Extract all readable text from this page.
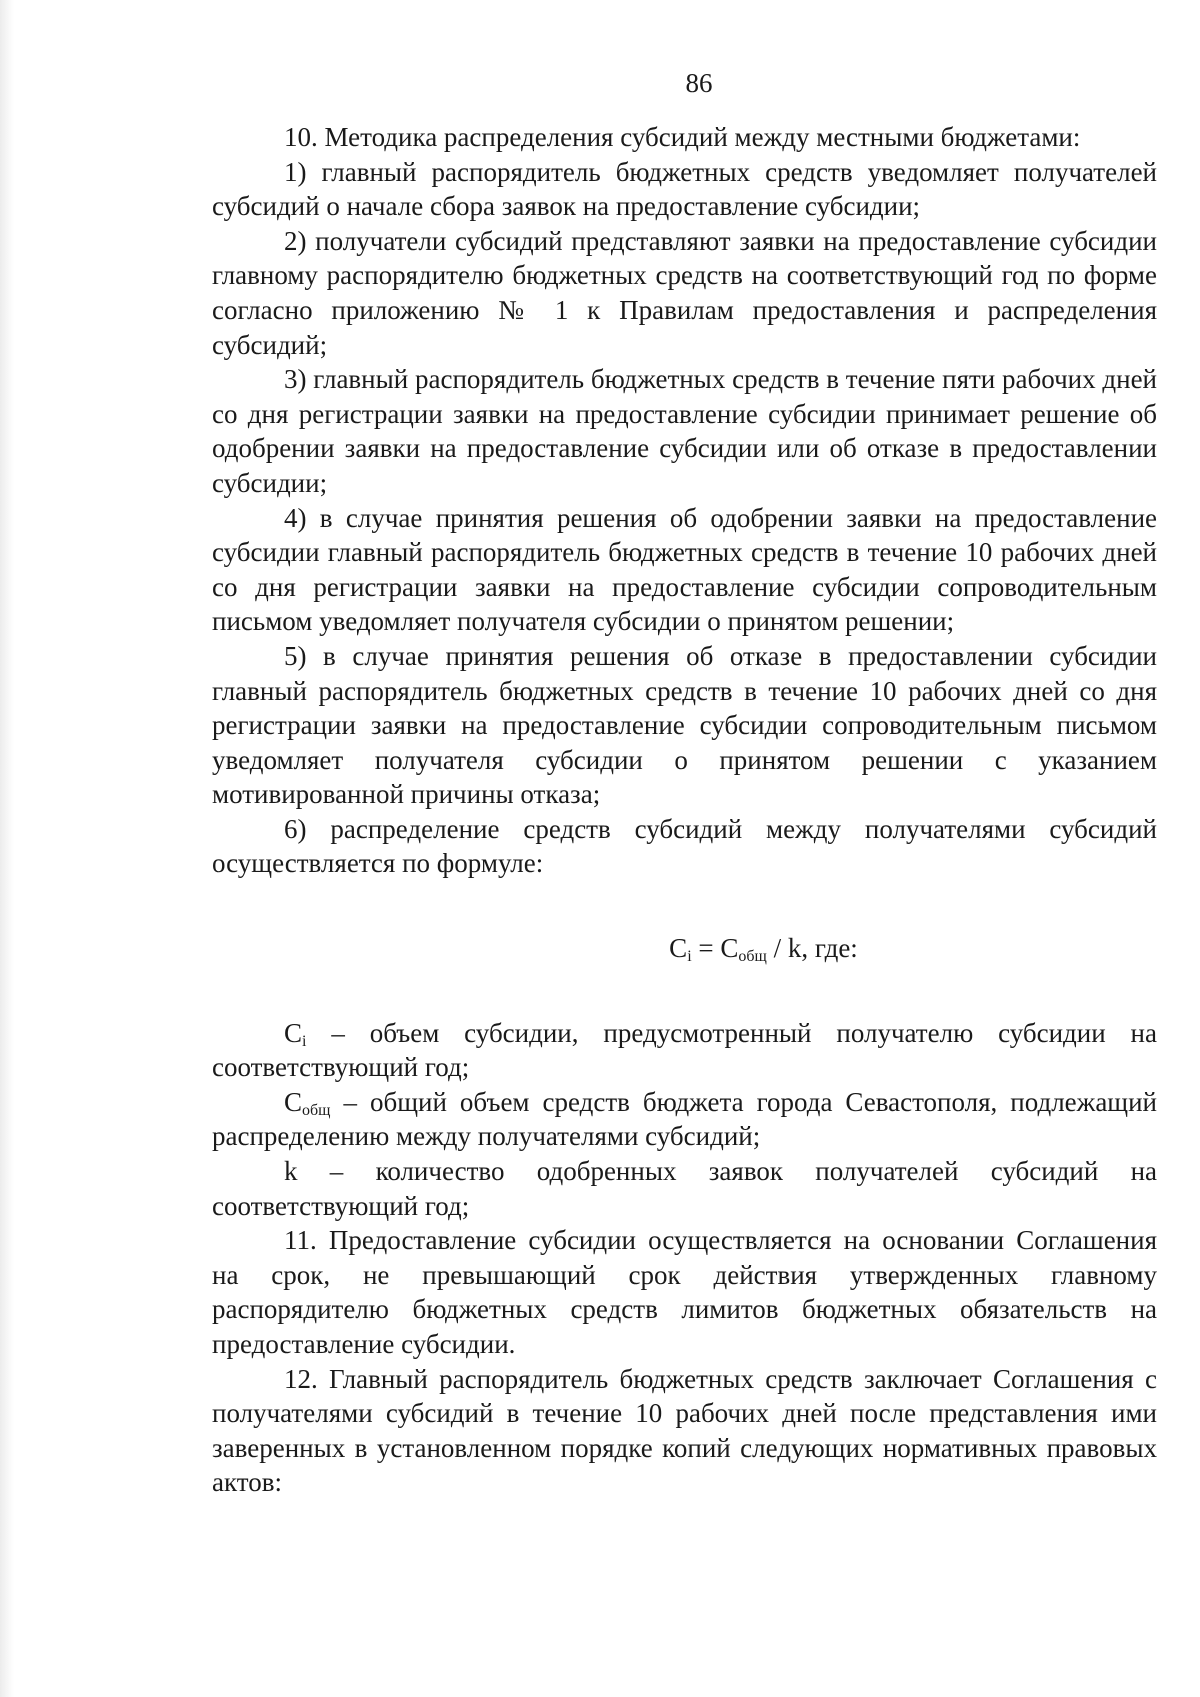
86

10. Методика распределения субсидий между местными бюджетами:

1) главный распорядитель бюджетных средств уведомляет получателей субсидий о начале сбора заявок на предоставление субсидии;

2) получатели субсидий представляют заявки на предоставление субсидии главному распорядителю бюджетных средств на соответствующий год по форме согласно приложению № 1 к Правилам предоставления и распределения субсидий;

3) главный распорядитель бюджетных средств в течение пяти рабочих дней со дня регистрации заявки на предоставление субсидии принимает решение об одобрении заявки на предоставление субсидии или об отказе в предоставлении субсидии;

4) в случае принятия решения об одобрении заявки на предоставление субсидии главный распорядитель бюджетных средств в течение 10 рабочих дней со дня регистрации заявки на предоставление субсидии сопроводительным письмом уведомляет получателя субсидии о принятом решении;

5) в случае принятия решения об отказе в предоставлении субсидии главный распорядитель бюджетных средств в течение 10 рабочих дней со дня регистрации заявки на предоставление субсидии сопроводительным письмом уведомляет получателя субсидии о принятом решении с указанием мотивированной причины отказа;

6) распределение средств субсидий между получателями субсидий осуществляется по формуле:

$C_i = C_{общ} / k$, где:

$C_i$ – объем субсидии, предусмотренный получателю субсидии на соответствующий год;

$C_{общ}$ – общий объем средств бюджета города Севастополя, подлежащий распределению между получателями субсидий;

k – количество одобренных заявок получателей субсидий на соответствующий год;

11. Предоставление субсидии осуществляется на основании Соглашения на срок, не превышающий срок действия утвержденных главному распорядителю бюджетных средств лимитов бюджетных обязательств на предоставление субсидии.

12. Главный распорядитель бюджетных средств заключает Соглашения с получателями субсидий в течение 10 рабочих дней после представления ими заверенных в установленном порядке копий следующих нормативных правовых актов:
